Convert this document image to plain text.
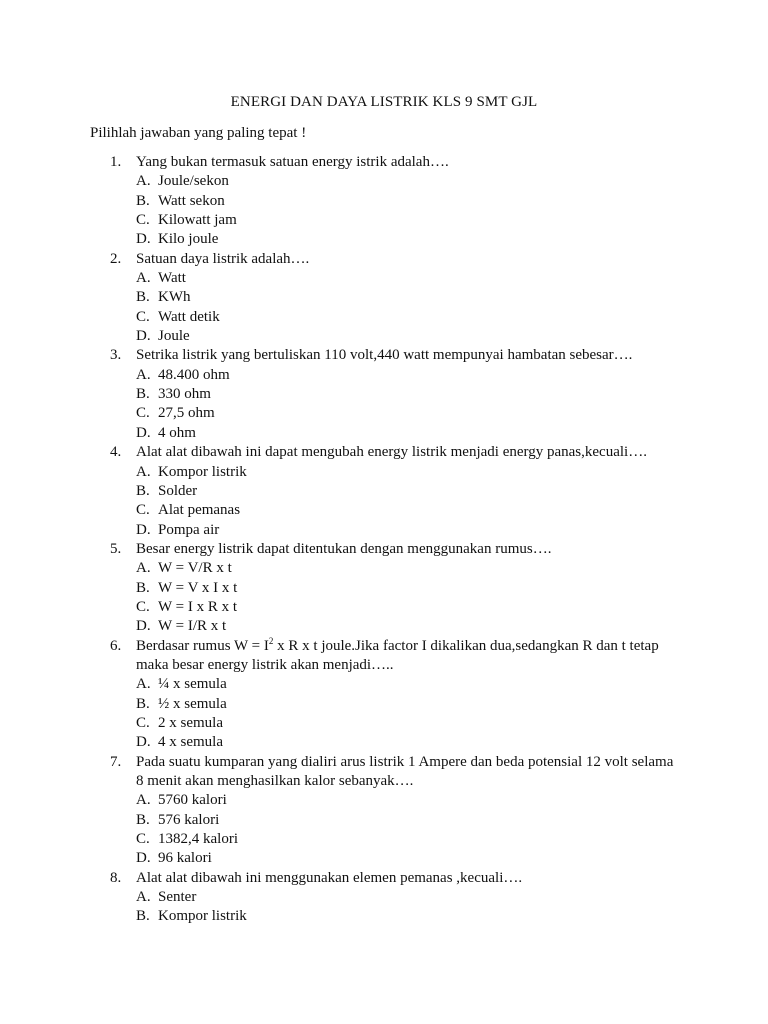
ENERGI DAN DAYA LISTRIK KLS 9 SMT GJL
Pilihlah jawaban yang paling tepat !
1. Yang bukan termasuk satuan energy istrik adalah….
A. Joule/sekon
B. Watt sekon
C. Kilowatt jam
D. Kilo joule
2. Satuan daya listrik adalah….
A. Watt
B. KWh
C. Watt detik
D. Joule
3. Setrika listrik yang bertuliskan 110 volt,440 watt mempunyai hambatan sebesar….
A. 48.400 ohm
B. 330 ohm
C. 27,5 ohm
D. 4 ohm
4. Alat alat dibawah ini dapat mengubah energy listrik menjadi energy panas,kecuali….
A. Kompor listrik
B. Solder
C. Alat pemanas
D. Pompa air
5. Besar energy listrik dapat ditentukan dengan menggunakan rumus….
A. W = V/R x t
B. W = V x I x t
C. W = I x R x t
D. W = I/R x t
6. Berdasar rumus $W = I^2$ x R x t joule.Jika factor I dikalikan dua,sedangkan R dan t tetap
maka besar energy listrik akan menjadi…..
A. ¼ x semula
B. ½ x semula
C. 2 x semula
D. 4 x semula
7. Pada suatu kumparan yang dialiri arus listrik 1 Ampere dan beda potensial 12 volt selama
8 menit akan menghasilkan kalor sebanyak….
A. 5760 kalori
B. 576 kalori
C. 1382,4 kalori
D. 96 kalori
8. Alat alat dibawah ini menggunakan elemen pemanas ,kecuali….
A. Senter
B. Kompor listrik
